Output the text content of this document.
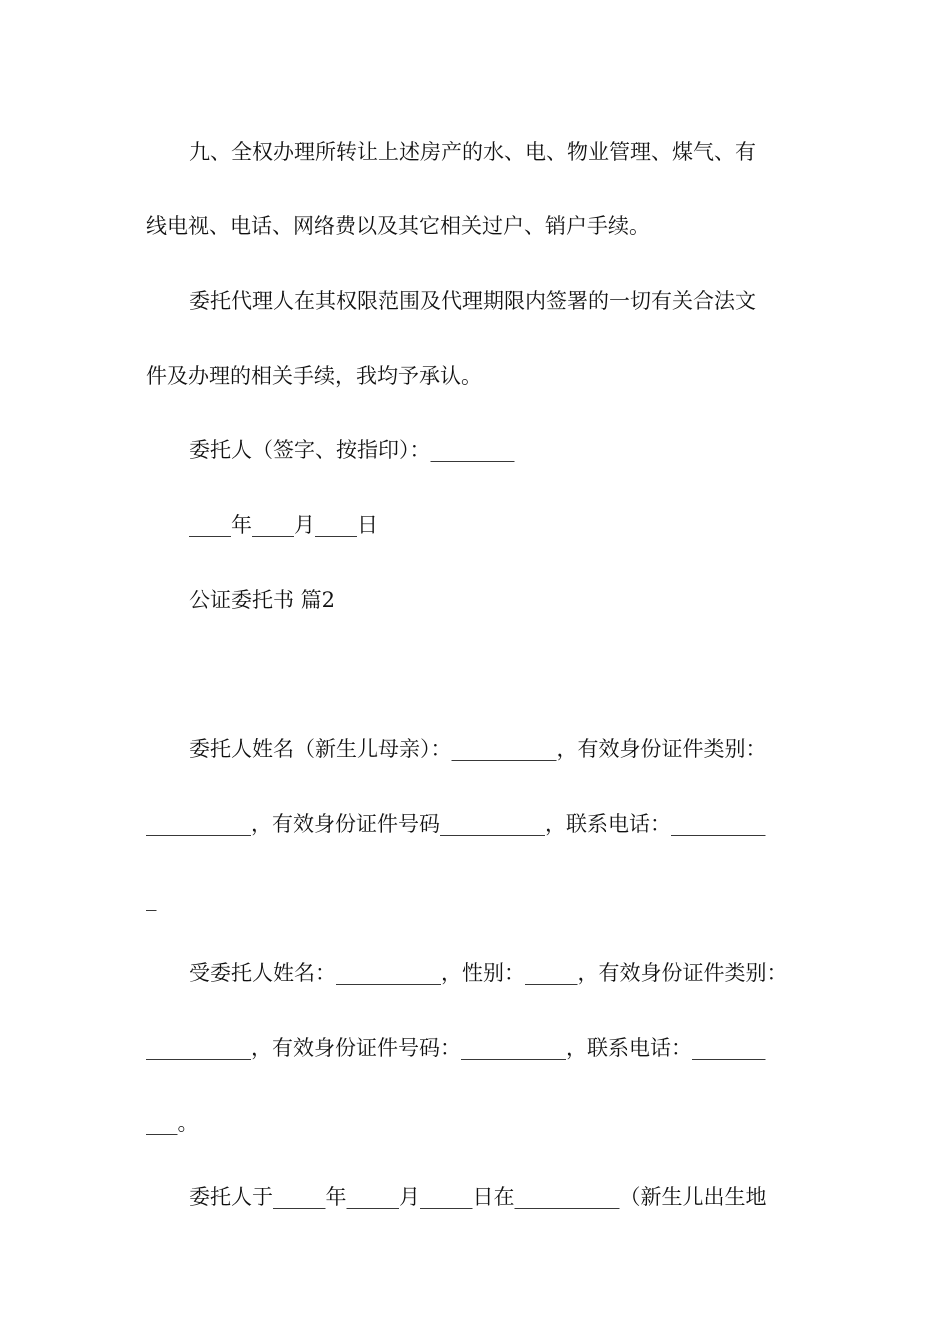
九、全权办理所转让上述房产的水、电、物业管理、煤气、有

线电视、电话、网络费以及其它相关过户、销户手续。

委托代理人在其权限范围及代理期限内签署的一切有关合法文

件及办理的相关手续，我均予承认。

委托人（签字、按指印）：________

____年____月____日

公证委托书 篇2

委托人姓名（新生儿母亲）：__________，有效身份证件类别：

__________，有效身份证件号码__________，联系电话：_________

_

受委托人姓名：__________，性别：_____，有效身份证件类别：

__________，有效身份证件号码：__________，联系电话：_______

___。

委托人于_____年_____月_____日在__________（新生儿出生地
